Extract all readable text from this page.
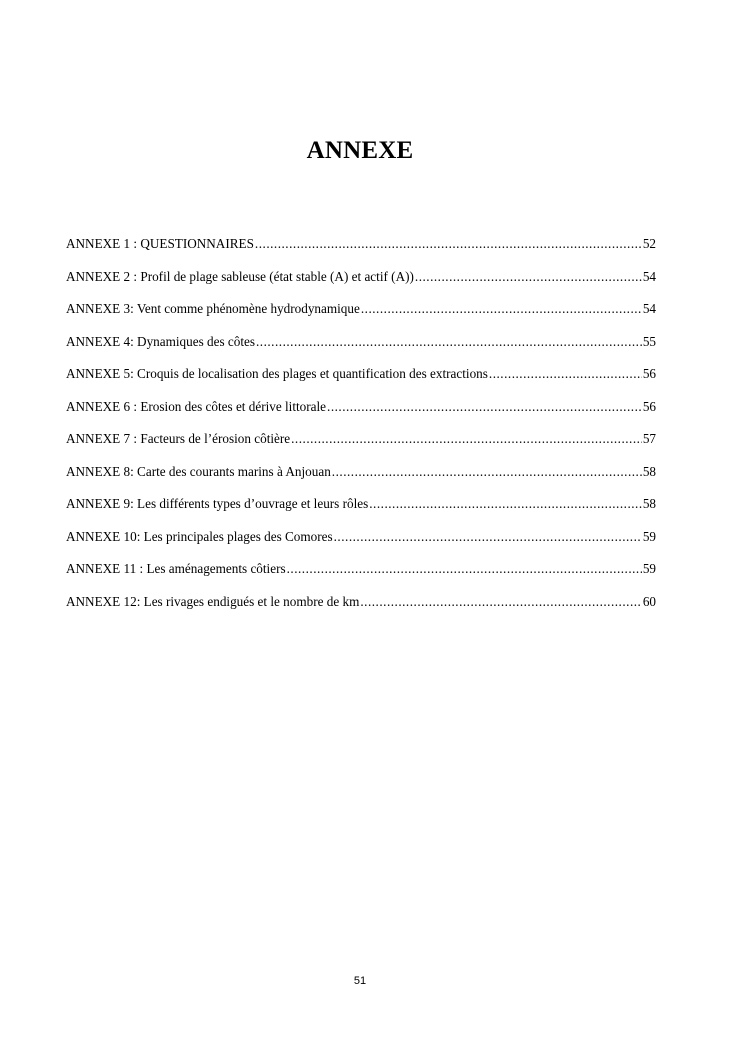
ANNEXE
ANNEXE 1 : QUESTIONNAIRES .....	52
ANNEXE 2 : Profil de plage sableuse (état stable (A) et actif (A)) .....	54
ANNEXE 3: Vent comme phénomène hydrodynamique .....	54
ANNEXE 4: Dynamiques des côtes .....	55
ANNEXE 5: Croquis de localisation des plages et quantification des extractions .....	56
ANNEXE 6 : Erosion des côtes et dérive littorale .....	56
ANNEXE 7 : Facteurs de l’érosion côtière .....	57
ANNEXE 8: Carte des courants marins à Anjouan .....	58
ANNEXE 9: Les différents types d’ouvrage et leurs rôles .....	58
ANNEXE 10: Les principales plages des Comores .....	59
ANNEXE 11 : Les aménagements côtiers .....	59
ANNEXE 12: Les rivages endigués et le nombre de km .....	60
51
